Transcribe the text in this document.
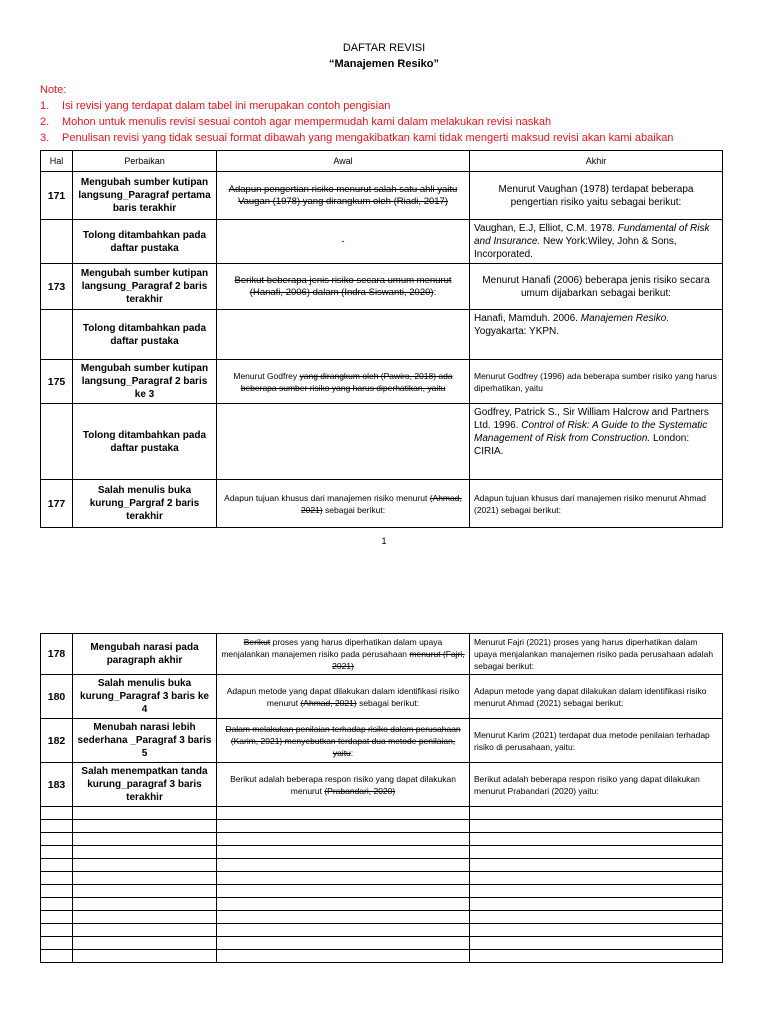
DAFTAR REVISI
“Manajemen Resiko”
Note:
1. Isi revisi yang terdapat dalam tabel ini merupakan contoh pengisian
2. Mohon untuk menulis revisi sesuai contoh agar mempermudah kami dalam melakukan revisi naskah
3. Penulisan revisi yang tidak sesuai format dibawah yang mengakibatkan kami tidak mengerti maksud revisi akan kami abaikan
Hal	Perbaikan	Awal	Akhir
171	Mengubah sumber kutipan langsung_Paragraf pertama baris terakhir	Adapun pengertian risiko menurut salah satu ahli yaitu Vaugan (1978) yang dirangkum oleh (Riadi, 2017)	Menurut Vaughan (1978) terdapat beberapa pengertian risiko yaitu sebagai berikut:
	Tolong ditambahkan pada daftar pustaka	-	Vaughan, E.J, Elliot, C.M. 1978. Fundamental of Risk and Insurance. New York:Wiley, John & Sons, Incorporated.
173	Mengubah sumber kutipan langsung_Paragraf 2 baris terakhir	Berikut beberapa jenis risiko secara umum menurut (Hanafi, 2006) dalam (Indra Siswanti, 2020):	Menurut Hanafi (2006) beberapa jenis risiko secara umum dijabarkan sebagai berikut:
	Tolong ditambahkan pada daftar pustaka		Hanafi, Mamduh. 2006. Manajemen Resiko. Yogyakarta: YKPN.
175	Mengubah sumber kutipan langsung_Paragraf 2 baris ke 3	Menurut Godfrey yang dirangkum oleh (Pawiro, 2018) ada beberapa sumber risiko yang harus diperhatikan, yaitu	Menurut Godfrey (1996) ada beberapa sumber risiko yang harus diperhatikan, yaitu
	Tolong ditambahkan pada daftar pustaka		Godfrey, Patrick S., Sir William Halcrow and Partners Ltd. 1996. Control of Risk: A Guide to the Systematic Management of Risk from Construction. London: CIRIA.
177	Salah menulis buka kurung_Pargraf 2 baris terakhir	Adapun tujuan khusus dari manajemen risiko menurut (Ahmad, 2021) sebagai berikut:	Adapun tujuan khusus dari manajemen risiko menurut Ahmad (2021) sebagai berikut:
1
178	Mengubah narasi pada paragraph akhir	Berikut proses yang harus diperhatikan dalam upaya menjalankan manajemen risiko pada perusahaan menurut (Fajri, 2021)	Menurut Fajri (2021) proses yang harus diperhatikan dalam upaya menjalankan manajemen risiko pada perusahaan adalah sebagai berikut:
180	Salah menulis buka kurung_Paragraf 3 baris ke 4	Adapun metode yang dapat dilakukan dalam identifikasi risiko menurut (Ahmad, 2021) sebagai berikut:	Adapun metode yang dapat dilakukan dalam identifikasi risiko menurut Ahmad (2021) sebagai berikut:
182	Menubah narasi lebih sederhana _Paragraf 3 baris 5	Dalam melakukan penilaian terhadap risiko dalam perusahaan (Karim, 2021) menyebutkan terdapat dua metode penilaian, yaitu:	Menurut Karim (2021) terdapat dua metode penilaian terhadap risiko di perusahaan, yaitu:
183	Salah menempatkan tanda kurung_paragraf 3 baris terakhir	Berikut adalah beberapa respon risiko yang dapat dilakukan menurut (Prabandari, 2020)	Berikut adalah beberapa respon risiko yang dapat dilakukan menurut Prabandari (2020) yaitu:
